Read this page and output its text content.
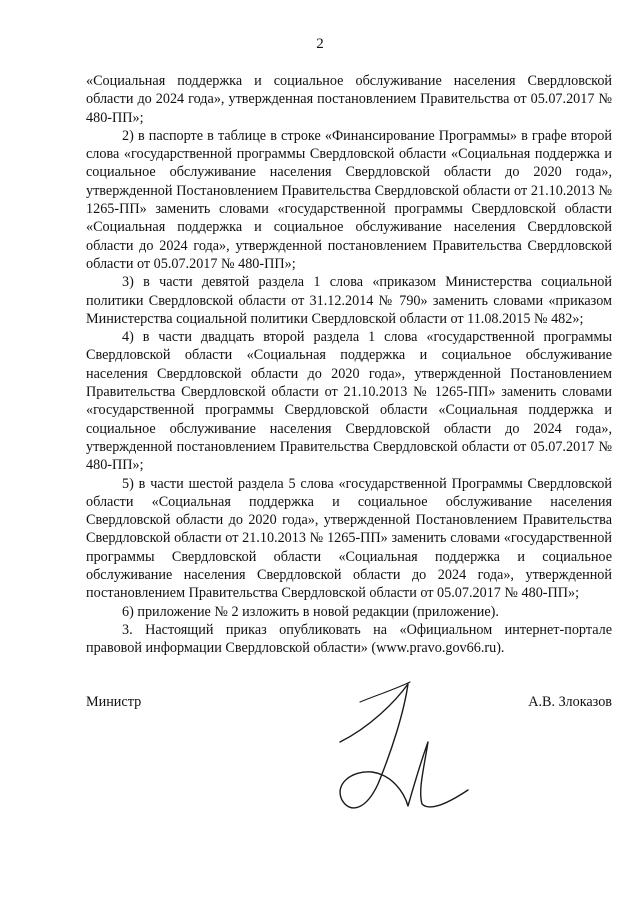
2

«Социальная поддержка и социальное обслуживание населения Свердловской области до 2024 года», утвержденная постановлением Правительства от 05.07.2017 № 480-ПП»;

2) в паспорте в таблице в строке «Финансирование Программы» в графе второй слова «государственной программы Свердловской области «Социальная поддержка и социальное обслуживание населения Свердловской области до 2020 года», утвержденной Постановлением Правительства Свердловской области от 21.10.2013 № 1265-ПП» заменить словами «государственной программы Свердловской области «Социальная поддержка и социальное обслуживание населения Свердловской области до 2024 года», утвержденной постановлением Правительства Свердловской области от 05.07.2017 № 480-ПП»;

3) в части девятой раздела 1 слова «приказом Министерства социальной политики Свердловской области от 31.12.2014 № 790» заменить словами «приказом Министерства социальной политики Свердловской области от 11.08.2015 № 482»;

4) в части двадцать второй раздела 1 слова «государственной программы Свердловской области «Социальная поддержка и социальное обслуживание населения Свердловской области до 2020 года», утвержденной Постановлением Правительства Свердловской области от 21.10.2013 № 1265-ПП» заменить словами «государственной программы Свердловской области «Социальная поддержка и социальное обслуживание населения Свердловской области до 2024 года», утвержденной постановлением Правительства Свердловской области от 05.07.2017 № 480-ПП»;

5) в части шестой раздела 5 слова «государственной Программы Свердловской области «Социальная поддержка и социальное обслуживание населения Свердловской области до 2020 года», утвержденной Постановлением Правительства Свердловской области от 21.10.2013 № 1265-ПП» заменить словами «государственной программы Свердловской области «Социальная поддержка и социальное обслуживание населения Свердловской области до 2024 года», утвержденной постановлением Правительства Свердловской области от 05.07.2017 № 480-ПП»;

6) приложение № 2 изложить в новой редакции (приложение).

3. Настоящий приказ опубликовать на «Официальном интернет-портале правовой информации Свердловской области» (www.pravo.gov66.ru).

Министр	А.В. Злоказов
